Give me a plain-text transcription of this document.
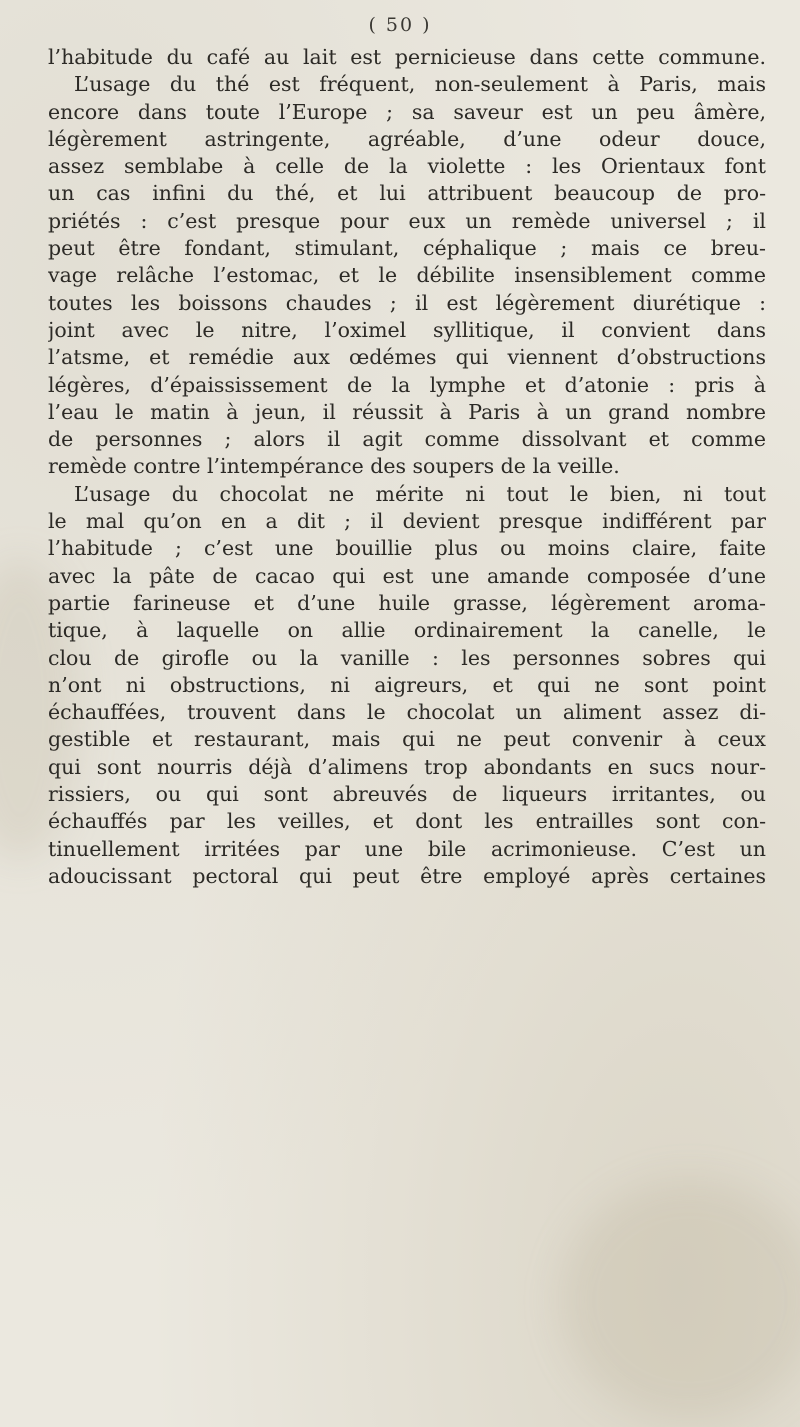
( 50 )
l’habitude du café au lait est pernicieuse dans cette commune.
L’usage du thé est fréquent, non-seulement à Paris, mais
encore dans toute l’Europe ; sa saveur est un peu âmère,
légèrement astringente, agréable, d’une odeur douce,
assez semblabe à celle de la violette : les Orientaux font
un cas infini du thé, et lui attribuent beaucoup de pro-
priétés : c’est presque pour eux un remède universel ; il
peut être fondant, stimulant, céphalique ; mais ce breu-
vage relâche l’estomac, et le débilite insensiblement comme
toutes les boissons chaudes ; il est légèrement diurétique :
joint avec le nitre, l’oximel syllitique, il convient dans
l’atsme, et remédie aux œdémes qui viennent d’obstructions
légères, d’épaississement de la lymphe et d’atonie : pris à
l’eau le matin à jeun, il réussit à Paris à un grand nombre
de personnes ; alors il agit comme dissolvant et comme
remède contre l’intempérance des soupers de la veille.
L’usage du chocolat ne mérite ni tout le bien, ni tout
le mal qu’on en a dit ; il devient presque indifférent par
l’habitude ; c’est une bouillie plus ou moins claire, faite
avec la pâte de cacao qui est une amande composée d’une
partie farineuse et d’une huile grasse, légèrement aroma-
tique, à laquelle on allie ordinairement la canelle, le
clou de girofle ou la vanille : les personnes sobres qui
n’ont ni obstructions, ni aigreurs, et qui ne sont point
échauffées, trouvent dans le chocolat un aliment assez di-
gestible et restaurant, mais qui ne peut convenir à ceux
qui sont nourris déjà d’alimens trop abondants en sucs nour-
rissiers, ou qui sont abreuvés de liqueurs irritantes, ou
échauffés par les veilles, et dont les entrailles sont con-
tinuellement irritées par une bile acrimonieuse. C’est un
adoucissant pectoral qui peut être employé après certaines
